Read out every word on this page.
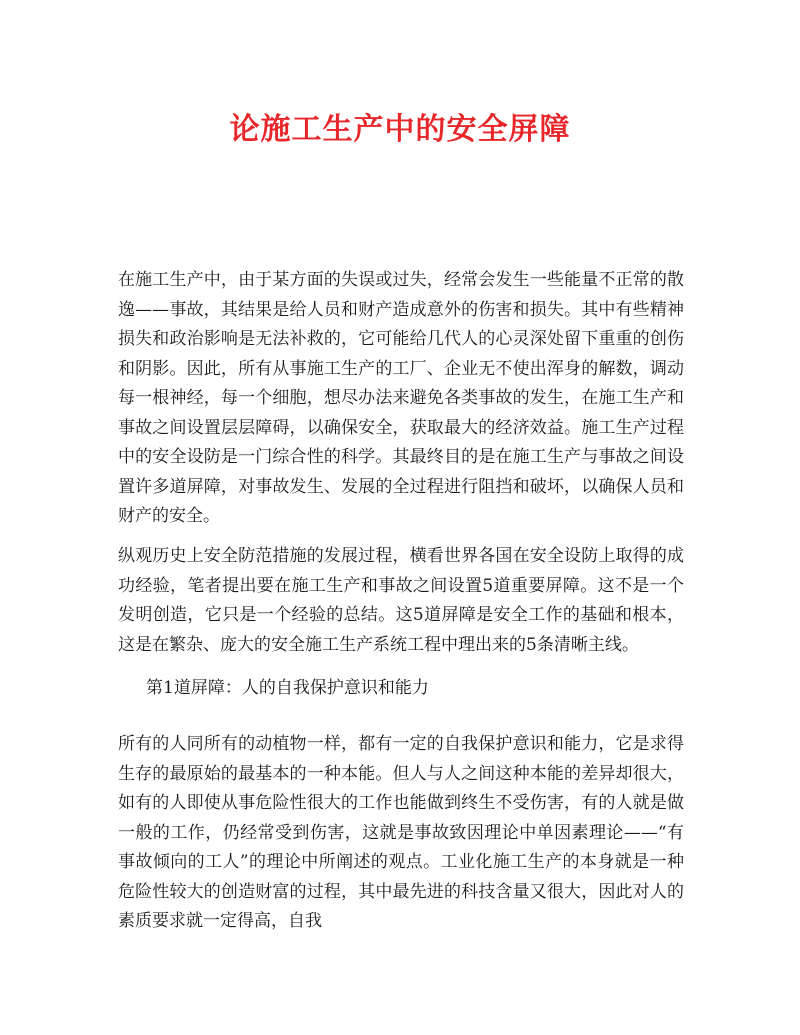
论施工生产中的安全屏障

在施工生产中，由于某方面的失误或过失，经常会发生一些能量不正常的散逸——事故，其结果是给人员和财产造成意外的伤害和损失。其中有些精神损失和政治影响是无法补救的，它可能给几代人的心灵深处留下重重的创伤和阴影。因此，所有从事施工生产的工厂、企业无不使出浑身的解数，调动每一根神经，每一个细胞，想尽办法来避免各类事故的发生，在施工生产和事故之间设置层层障碍，以确保安全，获取最大的经济效益。施工生产过程中的安全设防是一门综合性的科学。其最终目的是在施工生产与事故之间设置许多道屏障，对事故发生、发展的全过程进行阻挡和破坏，以确保人员和财产的安全。

纵观历史上安全防范措施的发展过程，横看世界各国在安全设防上取得的成功经验，笔者提出要在施工生产和事故之间设置5道重要屏障。这不是一个发明创造，它只是一个经验的总结。这5道屏障是安全工作的基础和根本，这是在繁杂、庞大的安全施工生产系统工程中理出来的5条清晰主线。

第1道屏障：人的自我保护意识和能力

所有的人同所有的动植物一样，都有一定的自我保护意识和能力，它是求得生存的最原始的最基本的一种本能。但人与人之间这种本能的差异却很大，如有的人即使从事危险性很大的工作也能做到终生不受伤害，有的人就是做一般的工作，仍经常受到伤害，这就是事故致因理论中单因素理论——“有事故倾向的工人”的理论中所阐述的观点。工业化施工生产的本身就是一种危险性较大的创造财富的过程，其中最先进的科技含量又很大，因此对人的素质要求就一定得高，自我
